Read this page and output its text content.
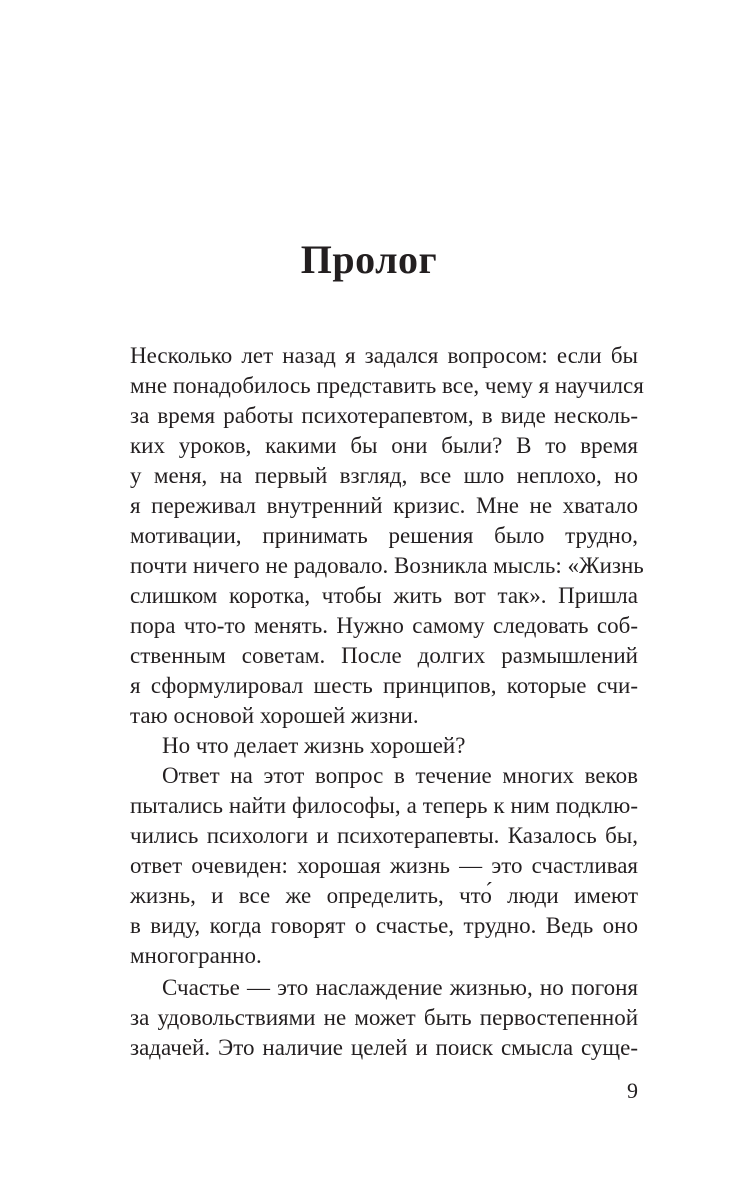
Пролог
Несколько лет назад я задался вопросом: если бы
мне понадобилось представить все, чему я научился
за время работы психотерапевтом, в виде несколь-
ких уроков, какими бы они были? В то время
у меня, на первый взгляд, все шло неплохо, но
я переживал внутренний кризис. Мне не хватало
мотивации, принимать решения было трудно,
почти ничего не радовало. Возникла мысль: «Жизнь
слишком коротка, чтобы жить вот так». Пришла
пора что-то менять. Нужно самому следовать соб-
ственным советам. После долгих размышлений
я сформулировал шесть принципов, которые счи-
таю основой хорошей жизни.
Но что делает жизнь хорошей?
Ответ на этот вопрос в течение многих веков
пытались найти философы, а теперь к ним подклю-
чились психологи и психотерапевты. Казалось бы,
ответ очевиден: хорошая жизнь — это счастливая
жизнь, и все же определить, что́ люди имеют
в виду, когда говорят о счастье, трудно. Ведь оно
многогранно.
Счастье — это наслаждение жизнью, но погоня
за удовольствиями не может быть первостепенной
задачей. Это наличие целей и поиск смысла суще-
9
